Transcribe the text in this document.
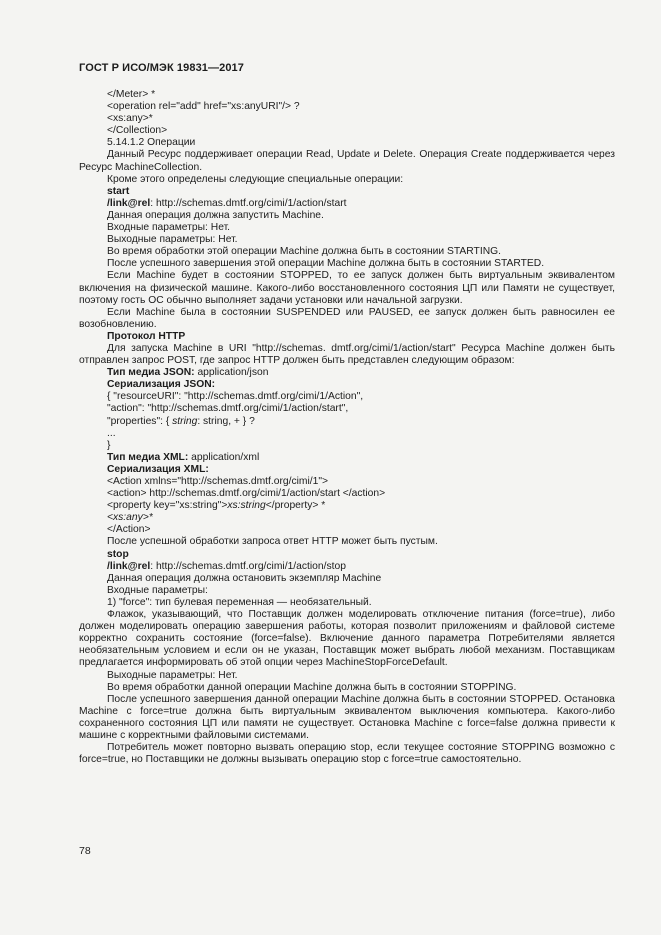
ГОСТ Р ИСО/МЭК 19831—2017

</Meter> *

<operation rel="add" href="xs:anyURI"/> ?

<xs:any>*

</Collection>

5.14.1.2 Операции

Данный Ресурс поддерживает операции Read, Update и Delete. Операция Create поддерживается через Ресурс MachineCollection.

Кроме этого определены следующие специальные операции:

start

/link@rel: http://schemas.dmtf.org/cimi/1/action/start

Данная операция должна запустить Machine.

Входные параметры: Нет.

Выходные параметры: Нет.

Во время обработки этой операции Machine должна быть в состоянии STARTING.

После успешного завершения этой операции Machine должна быть в состоянии STARTED.

Если Machine будет в состоянии STOPPED, то ее запуск должен быть виртуальным эквивалентом включения на физической машине. Какого-либо восстановленного состояния ЦП или Памяти не существует, поэтому гость ОС обычно выполняет задачи установки или начальной загрузки.

Если Machine была в состоянии SUSPENDED или PAUSED, ее запуск должен быть равносилен ее возобновлению.

Протокол HTTP

Для запуска Machine в URI "http://schemas. dmtf.org/cimi/1/action/start" Ресурса Machine должен быть отправлен запрос POST, где запрос HTTP должен быть представлен следующим образом:

Тип медиа JSON: application/json

Сериализация JSON:

{ "resourceURI": "http://schemas.dmtf.org/cimi/1/Action",

"action": "http://schemas.dmtf.org/cimi/1/action/start",

"properties": { string: string, + } ?

...

}

Тип медиа XML: application/xml

Сериализация XML:

<Action xmlns="http://schemas.dmtf.org/cimi/1">

<action> http://schemas.dmtf.org/cimi/1/action/start </action>

<property key="xs:string">xs:string</property> *

<xs:any>*

</Action>

После успешной обработки запроса ответ HTTP может быть пустым.

stop

/link@rel: http://schemas.dmtf.org/cimi/1/action/stop

Данная операция должна остановить экземпляр Machine

Входные параметры:

1) "force": тип булевая переменная — необязательный.

Флажок, указывающий, что Поставщик должен моделировать отключение питания (force=true), либо должен моделировать операцию завершения работы, которая позволит приложениям и файловой системе корректно сохранить состояние (force=false). Включение данного параметра Потребителями является необязательным условием и если он не указан, Поставщик может выбрать любой механизм. Поставщикам предлагается информировать об этой опции через MachineStopForceDefault.

Выходные параметры: Нет.

Во время обработки данной операции Machine должна быть в состоянии STOPPING.

После успешного завершения данной операции Machine должна быть в состоянии STOPPED. Остановка Machine с force=true должна быть виртуальным эквивалентом выключения компьютера. Какого-либо сохраненного состояния ЦП или памяти не существует. Остановка Machine с force=false должна привести к машине с корректными файловыми системами.

Потребитель может повторно вызвать операцию stop, если текущее состояние STOPPING возможно с force=true, но Поставщики не должны вызывать операцию stop с force=true самостоятельно.

78
